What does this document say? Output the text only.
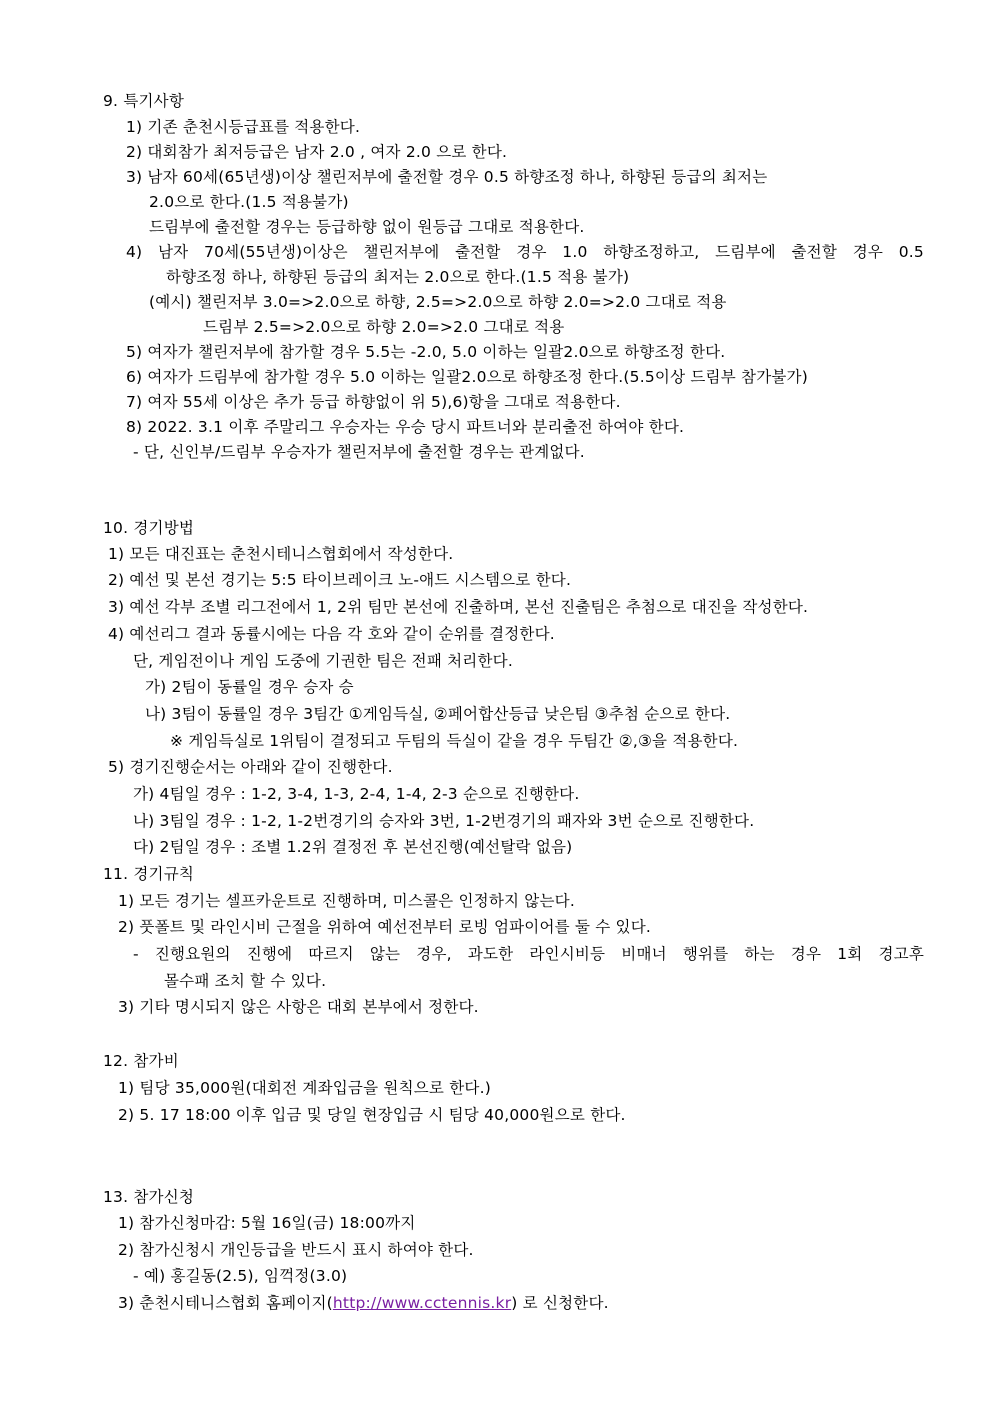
9. 특기사항
1) 기존 춘천시등급표를 적용한다.
2) 대회참가 최저등급은 남자 2.0 , 여자 2.0 으로 한다.
3) 남자 60세(65년생)이상 챌린저부에 출전할 경우 0.5 하향조정 하나, 하향된 등급의 최저는
2.0으로 한다.(1.5 적용불가)
드림부에 출전할 경우는 등급하향 없이 원등급 그대로 적용한다.
4) 남자 70세(55년생)이상은 챌린저부에 출전할 경우 1.0 하향조정하고, 드림부에 출전할 경우 0.5
하향조정 하나, 하향된 등급의 최저는 2.0으로 한다.(1.5 적용 불가)
(예시) 챌린저부 3.0=>2.0으로 하향, 2.5=>2.0으로 하향 2.0=>2.0 그대로 적용
드림부 2.5=>2.0으로 하향 2.0=>2.0 그대로 적용
5) 여자가 챌린저부에 참가할 경우 5.5는 -2.0, 5.0 이하는 일괄2.0으로 하향조정 한다.
6) 여자가 드림부에 참가할 경우 5.0 이하는 일괄2.0으로 하향조정 한다.(5.5이상 드림부 참가불가)
7) 여자 55세 이상은 추가 등급 하향없이 위 5),6)항을 그대로 적용한다.
8) 2022. 3.1 이후 주말리그 우승자는 우승 당시 파트너와 분리출전 하여야 한다.
- 단, 신인부/드림부 우승자가 챌린저부에 출전할 경우는 관계없다.
10. 경기방법
1) 모든 대진표는 춘천시테니스협회에서 작성한다.
2) 예선 및 본선 경기는 5:5 타이브레이크 노-애드 시스템으로 한다.
3) 예선 각부 조별 리그전에서 1, 2위 팀만 본선에 진출하며, 본선 진출팀은 추첨으로 대진을 작성한다.
4) 예선리그 결과 동률시에는 다음 각 호와 같이 순위를 결정한다.
단, 게임전이나 게임 도중에 기권한 팀은 전패 처리한다.
가) 2팀이 동률일 경우 승자 승
나) 3팀이 동률일 경우 3팀간 ①게임득실, ②페어합산등급 낮은팀 ③추첨 순으로 한다.
※ 게임득실로 1위팀이 결정되고 두팀의 득실이 같을 경우 두팀간 ②,③을 적용한다.
5) 경기진행순서는 아래와 같이 진행한다.
가) 4팀일 경우 : 1-2, 3-4, 1-3, 2-4, 1-4, 2-3 순으로 진행한다.
나) 3팀일 경우 : 1-2, 1-2번경기의 승자와 3번, 1-2번경기의 패자와 3번 순으로 진행한다.
다) 2팀일 경우 : 조별 1.2위 결정전 후 본선진행(예선탈락 없음)
11. 경기규칙
1) 모든 경기는 셀프카운트로 진행하며, 미스콜은 인정하지 않는다.
2) 풋폴트 및 라인시비 근절을 위하여 예선전부터 로빙 엄파이어를 둘 수 있다.
- 진행요원의 진행에 따르지 않는 경우, 과도한 라인시비등 비매너 행위를 하는 경우 1회 경고후
몰수패 조치 할 수 있다.
3) 기타 명시되지 않은 사항은 대회 본부에서 정한다.
12. 참가비
1) 팀당 35,000원(대회전 계좌입금을 원칙으로 한다.)
2) 5. 17 18:00 이후 입금 및 당일 현장입금 시 팀당 40,000원으로 한다.
13. 참가신청
1) 참가신청마감: 5월 16일(금) 18:00까지
2) 참가신청시 개인등급을 반드시 표시 하여야 한다.
- 예) 홍길동(2.5), 임꺽정(3.0)
3) 춘천시테니스협회 홈페이지(http://www.cctennis.kr) 로 신청한다.
